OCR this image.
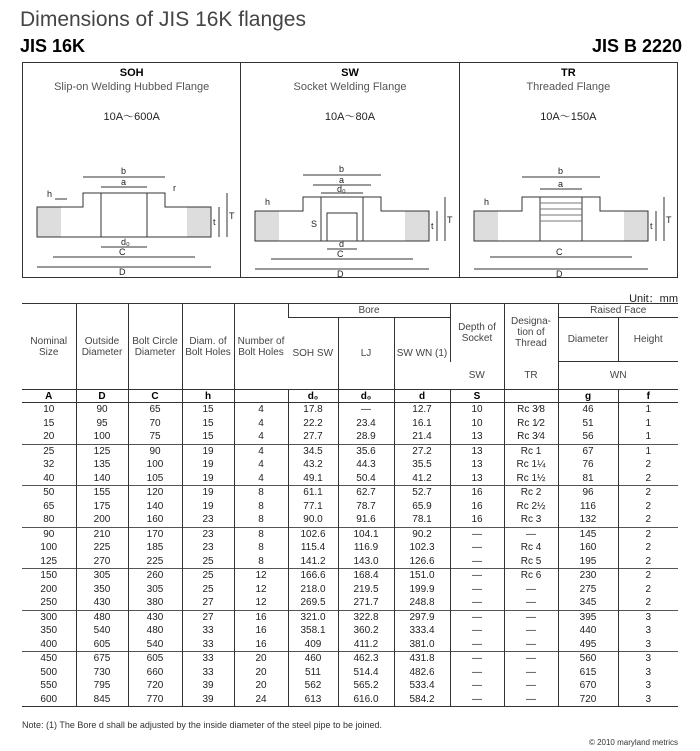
Dimensions of JIS 16K flanges
JIS 16K	JIS B 2220
SOH
Slip-on Welding Hubbed Flange
10A～600A
b
a
h
r
d₀
C
D
t
T
SW
Socket Welding Flange
10A～80A
b
a
d₀
h
S
d
C
D
t
T
TR
Threaded Flange
10A～150A
b
a
h
C
D
t
T
Unit：mm
Nominal Size	Outside Diameter	Bolt Circle Diameter	Diam. of Bolt Holes	Number of Bolt Holes	Bore			Depth of Socket	Designa- tion of Thread	Raised Face	
					SOH SW	LJ	SW WN (1)			Diameter	Height
								SW	TR	WN	
A	D	C	h		d₀	d₀	d	S		g	f
10	90	65	15	4	17.8	—	12.7	10	Rc 3⁄8	46	1
15	95	70	15	4	22.2	23.4	16.1	10	Rc 1⁄2	51	1
20	100	75	15	4	27.7	28.9	21.4	13	Rc 3⁄4	56	1
25	125	90	19	4	34.5	35.6	27.2	13	Rc 1	67	1
32	135	100	19	4	43.2	44.3	35.5	13	Rc 1¼	76	2
40	140	105	19	4	49.1	50.4	41.2	13	Rc 1½	81	2
50	155	120	19	8	61.1	62.7	52.7	16	Rc 2	96	2
65	175	140	19	8	77.1	78.7	65.9	16	Rc 2½	116	2
80	200	160	23	8	90.0	91.6	78.1	16	Rc 3	132	2
90	210	170	23	8	102.6	104.1	90.2	—	—	145	2
100	225	185	23	8	115.4	116.9	102.3	—	Rc 4	160	2
125	270	225	25	8	141.2	143.0	126.6	—	Rc 5	195	2
150	305	260	25	12	166.6	168.4	151.0	—	Rc 6	230	2
200	350	305	25	12	218.0	219.5	199.9	—	—	275	2
250	430	380	27	12	269.5	271.7	248.8	—	—	345	2
300	480	430	27	16	321.0	322.8	297.9	—	—	395	3
350	540	480	33	16	358.1	360.2	333.4	—	—	440	3
400	605	540	33	16	409	411.2	381.0	—	—	495	3
450	675	605	33	20	460	462.3	431.8	—	—	560	3
500	730	660	33	20	511	514.4	482.6	—	—	615	3
550	795	720	39	20	562	565.2	533.4	—	—	670	3
600	845	770	39	24	613	616.0	584.2	—	—	720	3
Note: (1) The Bore d shall be adjusted by the inside diameter of the steel pipe to be joined.
© 2010 maryland metrics
